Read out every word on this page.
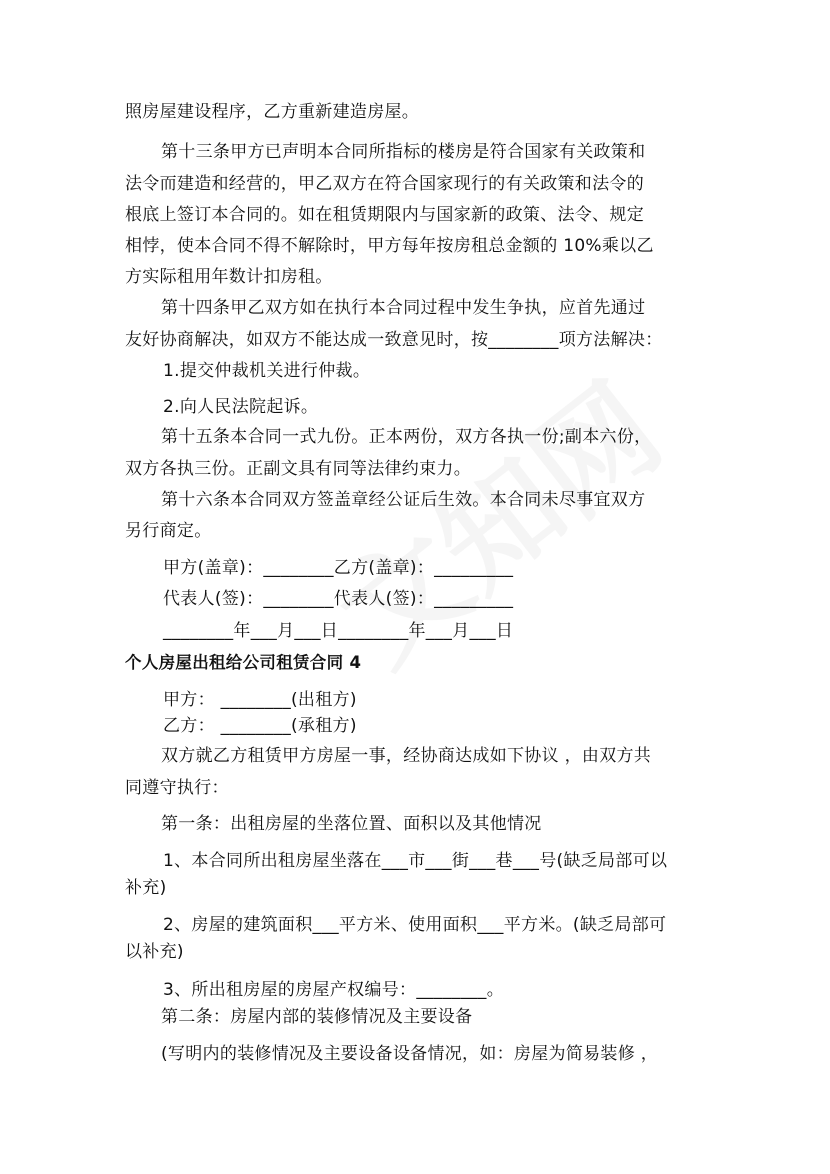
照房屋建设程序，乙方重新建造房屋。
第十三条甲方已声明本合同所指标的楼房是符合国家有关政策和
法令而建造和经营的，甲乙双方在符合国家现行的有关政策和法令的
根底上签订本合同的。如在租赁期限内与国家新的政策、法令、规定
相悖，使本合同不得不解除时，甲方每年按房租总金额的 10%乘以乙
方实际租用年数计扣房租。
第十四条甲乙双方如在执行本合同过程中发生争执，应首先通过
友好协商解决，如双方不能达成一致意见时，按________项方法解决：
1.提交仲裁机关进行仲裁。
2.向人民法院起诉。
第十五条本合同一式九份。正本两份，双方各执一份;副本六份，
双方各执三份。正副文具有同等法律约束力。
第十六条本合同双方签盖章经公证后生效。本合同未尽事宜双方
另行商定。
甲方(盖章)：________乙方(盖章)：_________
代表人(签)：________代表人(签)：_________
________年___月___日________年___月___日
个人房屋出租给公司租赁合同 4
甲方： ________(出租方)
乙方： ________(承租方)
双方就乙方租赁甲方房屋一事，经协商达成如下协议 ，由双方共
同遵守执行：
第一条：出租房屋的坐落位置、面积以及其他情况
1、本合同所出租房屋坐落在___市___街___巷___号(缺乏局部可以
补充)
2、房屋的建筑面积___平方米、使用面积___平方米。(缺乏局部可
以补充)
3、所出租房屋的房屋产权编号：________。
第二条：房屋内部的装修情况及主要设备
(写明内的装修情况及主要设备设备情况，如：房屋为简易装修 ，
